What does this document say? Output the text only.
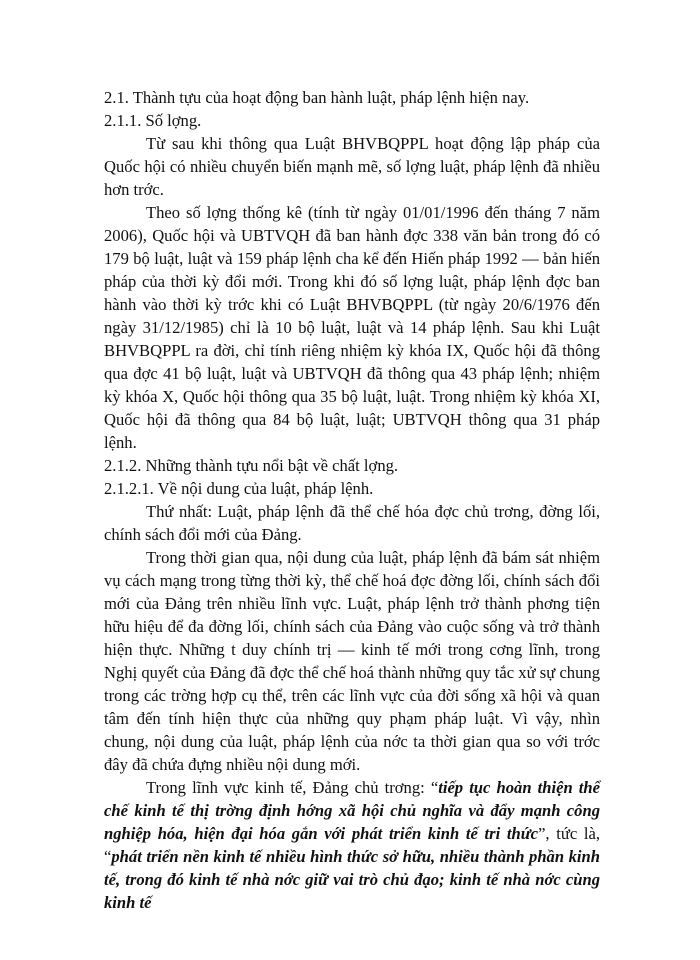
2.1. Thành tựu của hoạt động ban hành luật, pháp lệnh hiện nay.

2.1.1. Số lợng.

Từ sau khi thông qua Luật BHVBQPPL hoạt động lập pháp của Quốc hội có nhiều chuyển biến mạnh mẽ, số lợng luật, pháp lệnh đã nhiều hơn trớc.

Theo số lợng thống kê (tính từ ngày 01/01/1996 đến tháng 7 năm 2006), Quốc hội và UBTVQH đã ban hành đợc 338 văn bản trong đó có 179 bộ luật, luật và 159 pháp lệnh cha kể đến Hiến pháp 1992 — bản hiến pháp của thời kỳ đổi mới. Trong khi đó số lợng luật, pháp lệnh đợc ban hành vào thời kỳ trớc khi có Luật BHVBQPPL (từ ngày 20/6/1976 đến ngày 31/12/1985) chỉ là 10 bộ luật, luật và 14 pháp lệnh. Sau khi Luật BHVBQPPL ra đời, chỉ tính riêng nhiệm kỳ khóa IX, Quốc hội đã thông qua đợc 41 bộ luật, luật và UBTVQH đã thông qua 43 pháp lệnh; nhiệm kỳ khóa X, Quốc hội thông qua 35 bộ luật, luật. Trong nhiệm kỳ khóa XI, Quốc hội đã thông qua 84 bộ luật, luật; UBTVQH thông qua 31 pháp lệnh.

2.1.2. Những thành tựu nổi bật về chất lợng.

2.1.2.1. Về nội dung của luật, pháp lệnh.

Thứ nhất: Luật, pháp lệnh đã thể chế hóa đợc chủ trơng, đờng lối, chính sách đổi mới của Đảng.

Trong thời gian qua, nội dung của luật, pháp lệnh đã bám sát nhiệm vụ cách mạng trong từng thời kỳ, thể chế hoá đợc đờng lối, chính sách đổi mới của Đảng trên nhiều lĩnh vực. Luật, pháp lệnh trở thành phơng tiện hữu hiệu để đa đờng lối, chính sách của Đảng vào cuộc sống và trở thành hiện thực. Những t duy chính trị — kinh tế mới trong cơng lĩnh, trong Nghị quyết của Đảng đã đợc thể chế hoá thành những quy tắc xử sự chung trong các trờng hợp cụ thể, trên các lĩnh vực của đời sống xã hội và quan tâm đến tính hiện thực của những quy phạm pháp luật. Vì vậy, nhìn chung, nội dung của luật, pháp lệnh của nớc ta thời gian qua so với trớc đây đã chứa đựng nhiều nội dung mới.

Trong lĩnh vực kinh tế, Đảng chủ trơng: “tiếp tục hoàn thiện thể chế kinh tế thị trờng định hớng xã hội chủ nghĩa và đẩy mạnh công nghiệp hóa, hiện đại hóa gắn với phát triển kinh tế tri thức”, tức là, “phát triển nền kinh tế nhiều hình thức sở hữu, nhiều thành phần kinh tế, trong đó kinh tế nhà nớc giữ vai trò chủ đạo; kinh tế nhà nớc cùng kinh tế
